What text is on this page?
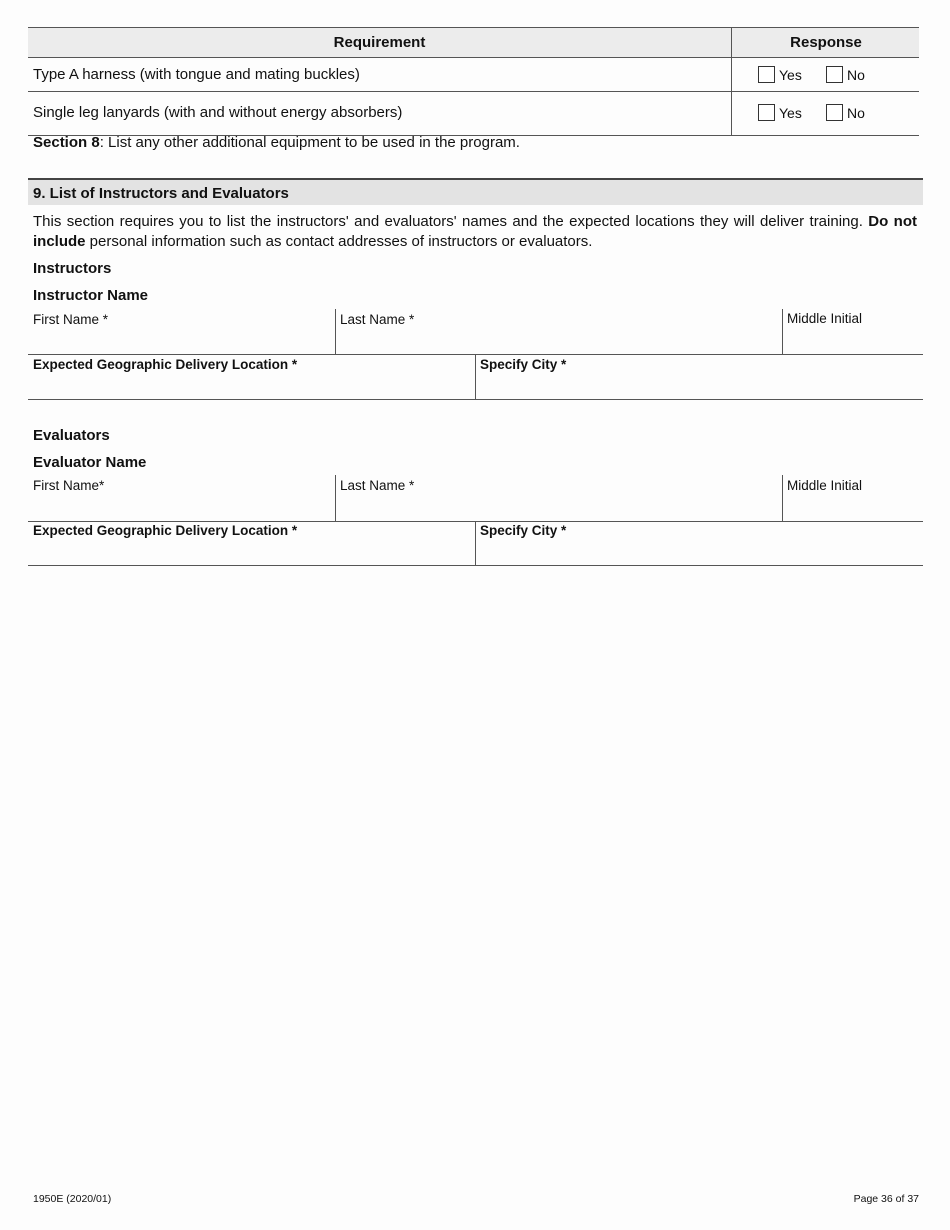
Requirement	Response
Type A harness (with tongue and mating buckles)	Yes	No
Single leg lanyards (with and without energy absorbers)	Yes	No
Section 8: List any other additional equipment to be used in the program.
9. List of Instructors and Evaluators
This section requires you to list the instructors' and evaluators' names and the expected locations they will deliver training. Do not include personal information such as contact addresses of instructors or evaluators.
Instructors
Instructor Name
First Name *	Last Name *	Middle Initial
Expected Geographic Delivery Location *	Specify City *
Evaluators
Evaluator Name
First Name*	Last Name *	Middle Initial
Expected Geographic Delivery Location *	Specify City *
1950E (2020/01)	Page 36 of 37
